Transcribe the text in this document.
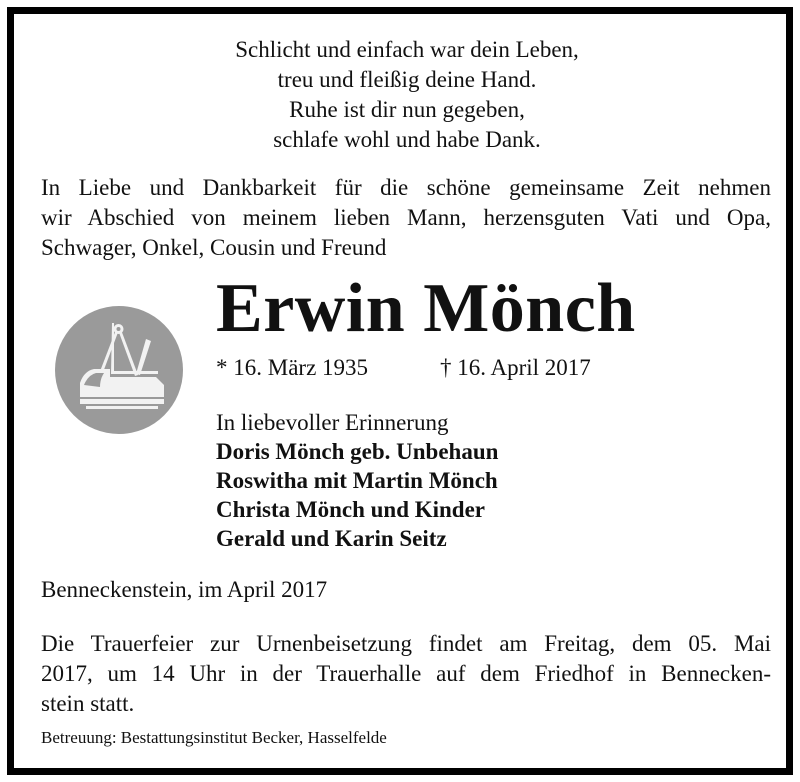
Schlicht und einfach war dein Leben,
treu und fleißig deine Hand.
Ruhe ist dir nun gegeben,
schlafe wohl und habe Dank.
In Liebe und Dankbarkeit für die schöne gemeinsame Zeit nehmen
wir Abschied von meinem lieben Mann, herzensguten Vati und Opa,
Schwager, Onkel, Cousin und Freund
Erwin Mönch
* 16. März 1935	† 16. April 2017
In liebevoller Erinnerung
Doris Mönch geb. Unbehaun
Roswitha mit Martin Mönch
Christa Mönch und Kinder
Gerald und Karin Seitz
Benneckenstein, im April 2017
Die Trauerfeier zur Urnenbeisetzung findet am Freitag, dem 05. Mai
2017, um 14 Uhr in der Trauerhalle auf dem Friedhof in Bennecken-
stein statt.
Betreuung: Bestattungsinstitut Becker, Hasselfelde
